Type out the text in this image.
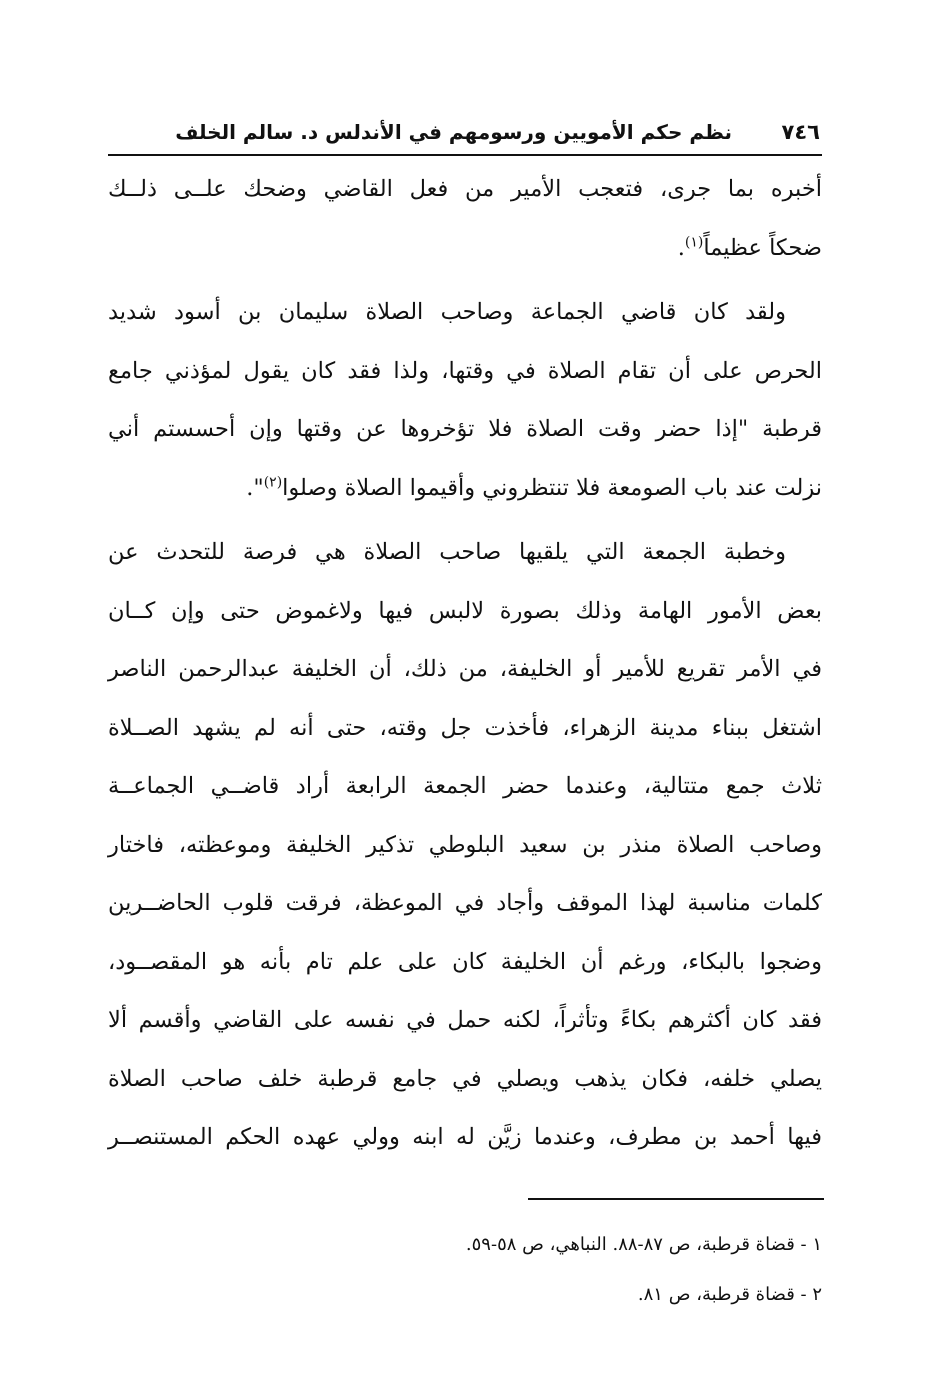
٧٤٦
نظم حكم الأمويين ورسومهم في الأندلس د. سالم الخلف
أخبره بما جرى، فتعجب الأمير من فعل القاضي وضحك علــى ذلــك
ضحكاً عظيماً$^{(١)}$.
ولقد كان قاضي الجماعة وصاحب الصلاة سليمان بن أسود شديد
الحرص على أن تقام الصلاة في وقتها، ولذا فقد كان يقول لمؤذني جامع
قرطبة "إذا حضر وقت الصلاة فلا تؤخروها عن وقتها وإن أحسستم أني
نزلت عند باب الصومعة فلا تنتظروني وأقيموا الصلاة وصلوا$^{(٢)}$".
وخطبة الجمعة التي يلقيها صاحب الصلاة هي فرصة للتحدث عن
بعض الأمور الهامة وذلك بصورة لالبس فيها ولاغموض حتى وإن كــان
في الأمر تقريع للأمير أو الخليفة، من ذلك، أن الخليفة عبدالرحمن الناصر
اشتغل ببناء مدينة الزهراء، فأخذت جل وقته، حتى أنه لم يشهد الصــلاة
ثلاث جمع متتالية، وعندما حضر الجمعة الرابعة أراد قاضــي الجماعــة
وصاحب الصلاة منذر بن سعيد البلوطي تذكير الخليفة وموعظته، فاختار
كلمات مناسبة لهذا الموقف وأجاد في الموعظة، فرقت قلوب الحاضــرين
وضجوا بالبكاء، ورغم أن الخليفة كان على علم تام بأنه هو المقصــود،
فقد كان أكثرهم بكاءً وتأثراً، لكنه حمل في نفسه على القاضي وأقسم ألا
يصلي خلفه، فكان يذهب ويصلي في جامع قرطبة خلف صاحب الصلاة
فيها أحمد بن مطرف، وعندما زيَّن له ابنه وولي عهده الحكم المستنصــر
١ - قضاة قرطبة، ص ٨٧-٨٨. النباهي، ص ٥٨-٥٩.
٢ - قضاة قرطبة، ص ٨١.
